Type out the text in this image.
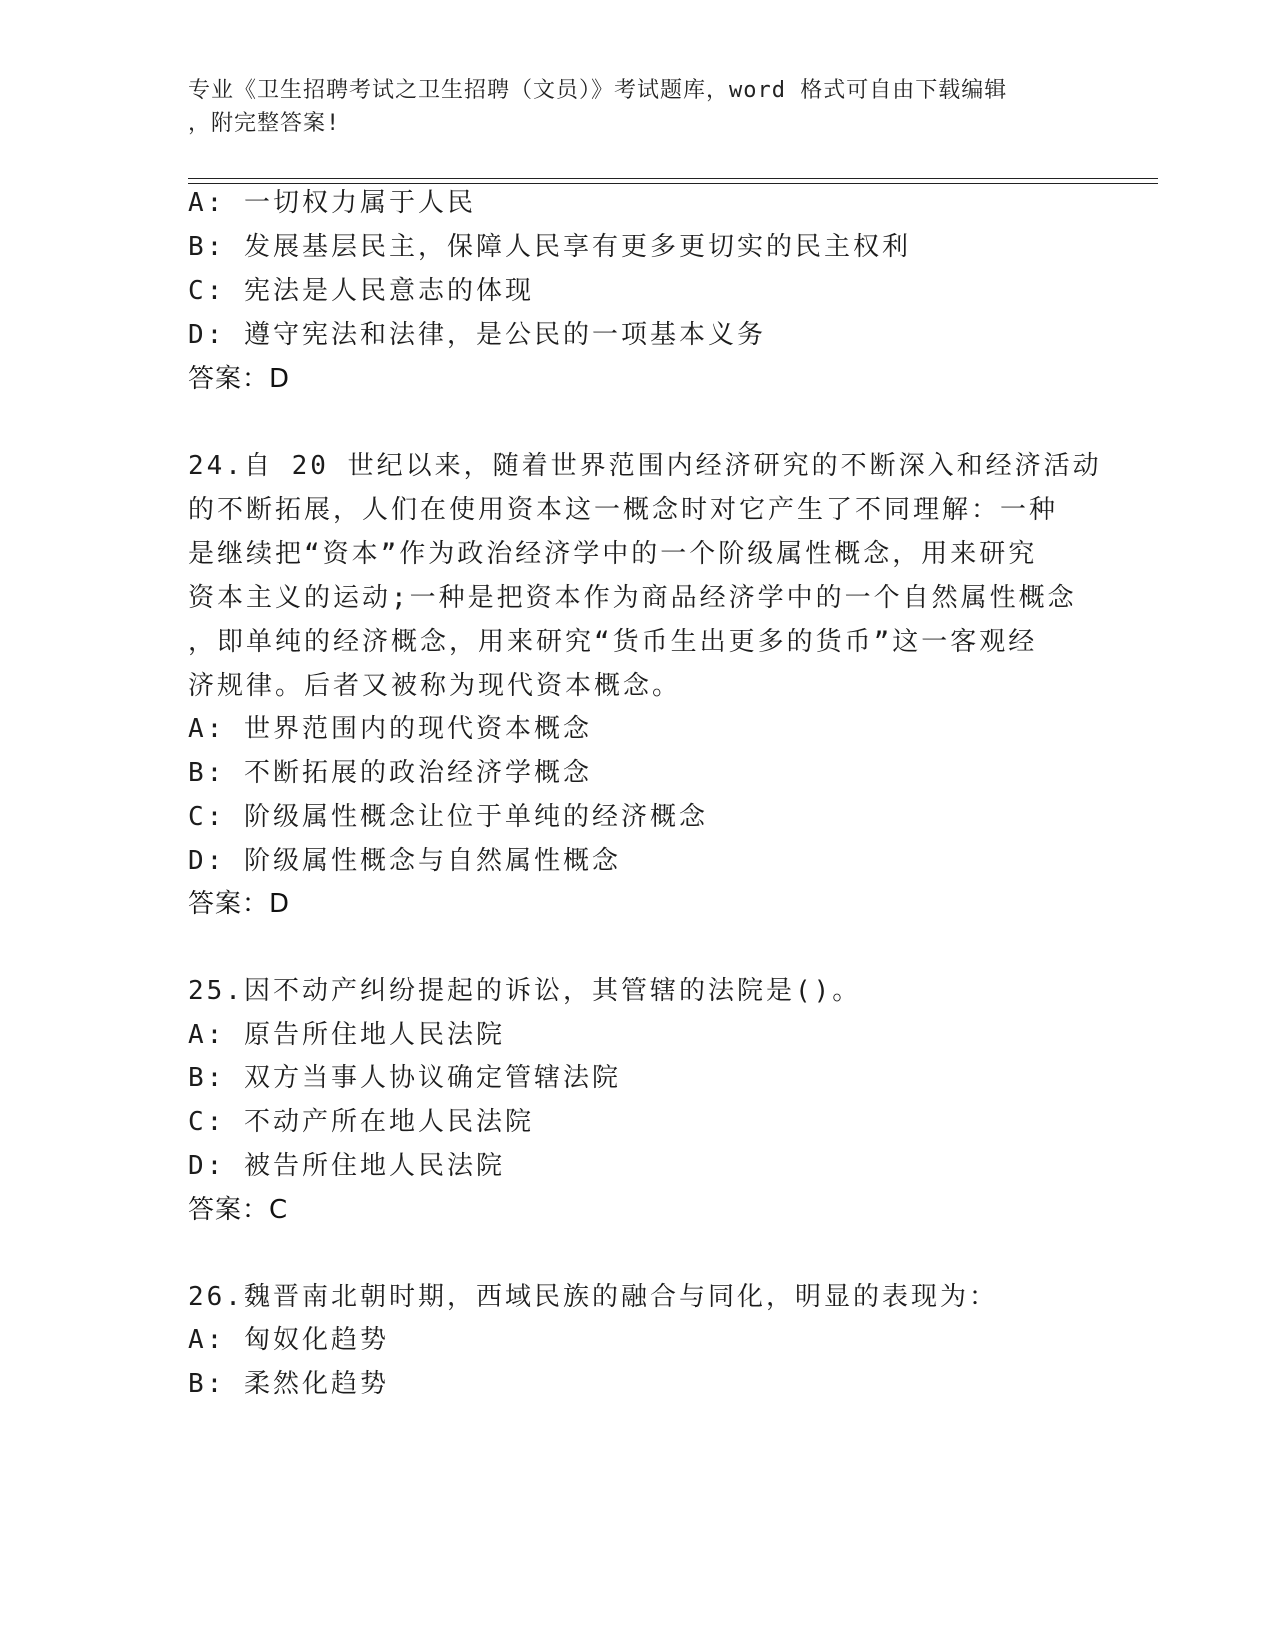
专业《卫生招聘考试之卫生招聘（文员）》考试题库，word 格式可自由下载编辑
，附完整答案!
A: 一切权力属于人民
B: 发展基层民主，保障人民享有更多更切实的民主权利
C: 宪法是人民意志的体现
D: 遵守宪法和法律，是公民的一项基本义务
答案：D
24.自 20 世纪以来，随着世界范围内经济研究的不断深入和经济活动
的不断拓展，人们在使用资本这一概念时对它产生了不同理解：一种
是继续把“资本”作为政治经济学中的一个阶级属性概念，用来研究
资本主义的运动;一种是把资本作为商品经济学中的一个自然属性概念
，即单纯的经济概念，用来研究“货币生出更多的货币”这一客观经
济规律。后者又被称为现代资本概念。
A: 世界范围内的现代资本概念
B: 不断拓展的政治经济学概念
C: 阶级属性概念让位于单纯的经济概念
D: 阶级属性概念与自然属性概念
答案：D
25.因不动产纠纷提起的诉讼，其管辖的法院是()。
A: 原告所住地人民法院
B: 双方当事人协议确定管辖法院
C: 不动产所在地人民法院
D: 被告所住地人民法院
答案：C
26.魏晋南北朝时期，西域民族的融合与同化，明显的表现为：
A: 匈奴化趋势
B: 柔然化趋势
